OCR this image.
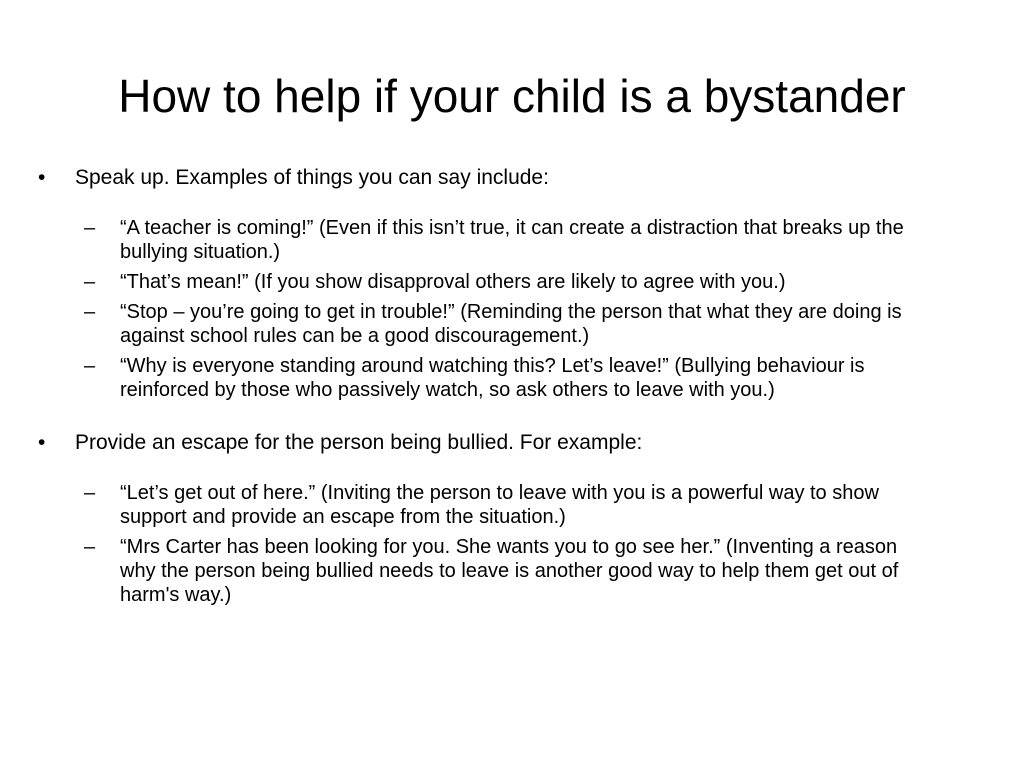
How to help if your child is a bystander
• Speak up. Examples of things you can say include:
– “A teacher is coming!” (Even if this isn’t true, it can create a distraction that breaks up the bullying situation.)
– “That’s mean!” (If you show disapproval others are likely to agree with you.)
– “Stop – you’re going to get in trouble!” (Reminding the person that what they are doing is against school rules can be a good discouragement.)
– “Why is everyone standing around watching this? Let’s leave!” (Bullying behaviour is reinforced by those who passively watch, so ask others to leave with you.)
• Provide an escape for the person being bullied. For example:
– “Let’s get out of here.” (Inviting the person to leave with you is a powerful way to show support and provide an escape from the situation.)
– “Mrs Carter has been looking for you. She wants you to go see her.” (Inventing a reason why the person being bullied needs to leave is another good way to help them get out of harm's way.)
